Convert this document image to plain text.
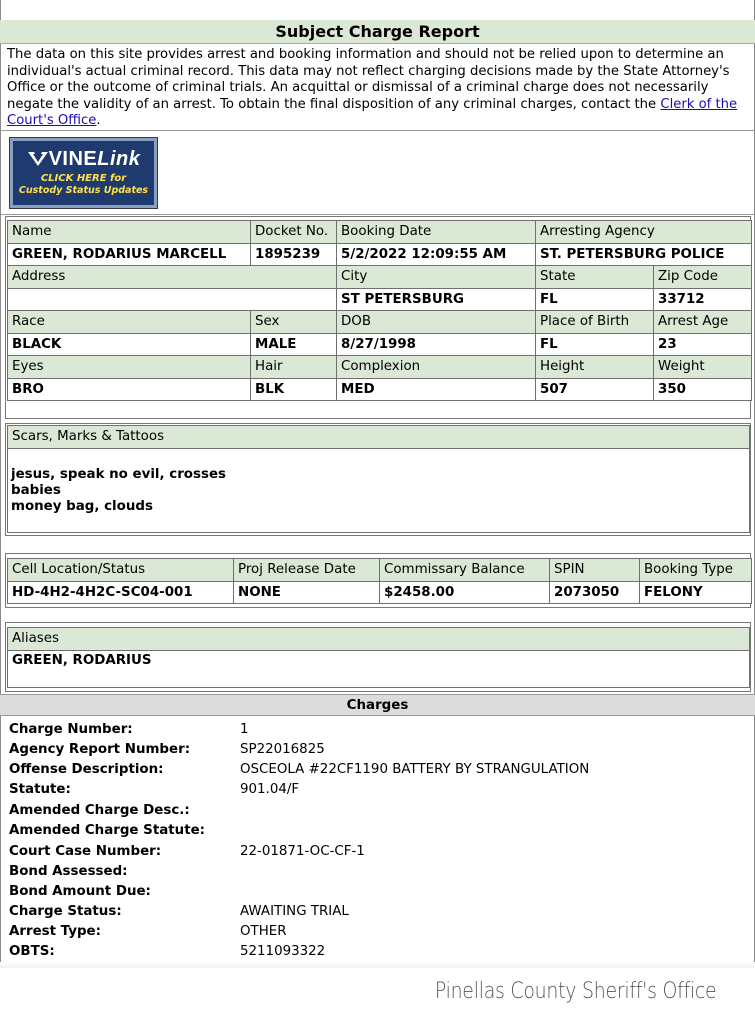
Subject Charge Report
The data on this site provides arrest and booking information and should not be relied upon to determine an individual's actual criminal record. This data may not reflect charging decisions made by the State Attorney's Office or the outcome of criminal trials. An acquittal or dismissal of a criminal charge does not necessarily negate the validity of an arrest. To obtain the final disposition of any criminal charges, contact the Clerk of the Court's Office.
VINELink
CLICK HERE for
Custody Status Updates
Name	Docket No.	Booking Date	Arresting Agency	
GREEN, RODARIUS MARCELL	1895239	5/2/2022 12:09:55 AM	ST. PETERSBURG POLICE	
Address		City	State	Zip Code
		ST PETERSBURG	FL	33712
Race	Sex	DOB	Place of Birth	Arrest Age
BLACK	MALE	8/27/1998	FL	23
Eyes	Hair	Complexion	Height	Weight
BRO	BLK	MED	507	350
Scars, Marks & Tattoos

jesus, speak no evil, crosses
babies
money bag, clouds
Cell Location/Status	Proj Release Date	Commissary Balance	SPIN	Booking Type
HD-4H2-4H2C-SC04-001	NONE	$2458.00	2073050	FELONY
Aliases
GREEN, RODARIUS
Charges
Charge Number:	1
Agency Report Number:	SP22016825
Offense Description:	OSCEOLA #22CF1190 BATTERY BY STRANGULATION
Statute:	901.04/F
Amended Charge Desc.:
Amended Charge Statute:
Court Case Number:	22-01871-OC-CF-1
Bond Assessed:
Bond Amount Due:
Charge Status:	AWAITING TRIAL
Arrest Type:	OTHER
OBTS:	5211093322
Pinellas County Sheriff's Office
